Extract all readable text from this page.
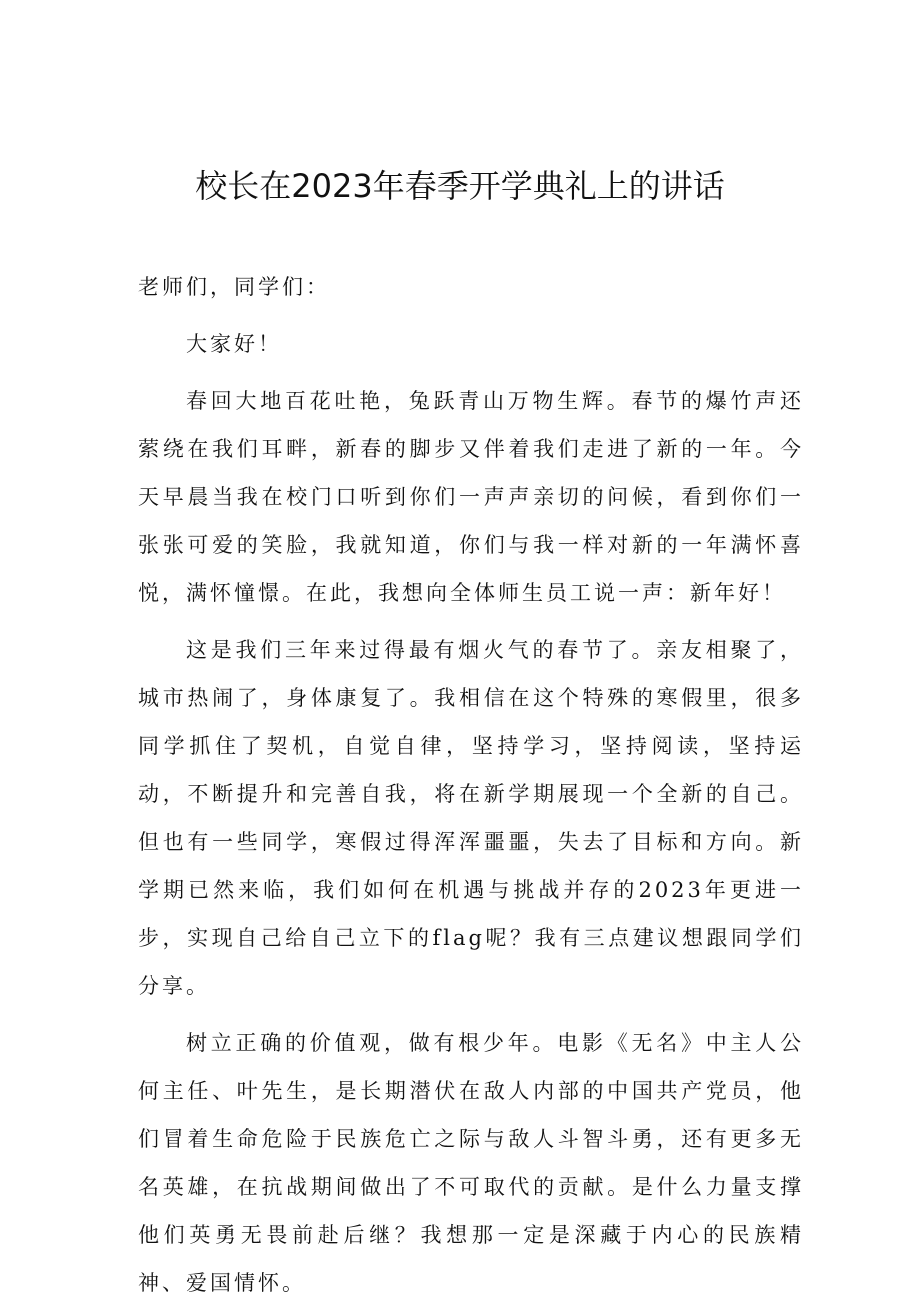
校长在2023年春季开学典礼上的讲话

老师们，同学们：

大家好！

春回大地百花吐艳，兔跃青山万物生辉。春节的爆竹声还萦绕在我们耳畔，新春的脚步又伴着我们走进了新的一年。今天早晨当我在校门口听到你们一声声亲切的问候，看到你们一张张可爱的笑脸，我就知道，你们与我一样对新的一年满怀喜悦，满怀憧憬。在此，我想向全体师生员工说一声：新年好！

这是我们三年来过得最有烟火气的春节了。亲友相聚了，城市热闹了，身体康复了。我相信在这个特殊的寒假里，很多同学抓住了契机，自觉自律，坚持学习，坚持阅读，坚持运动，不断提升和完善自我，将在新学期展现一个全新的自己。但也有一些同学，寒假过得浑浑噩噩，失去了目标和方向。新学期已然来临，我们如何在机遇与挑战并存的2023年更进一步，实现自己给自己立下的flag呢？我有三点建议想跟同学们分享。

树立正确的价值观，做有根少年。电影《无名》中主人公何主任、叶先生，是长期潜伏在敌人内部的中国共产党员，他们冒着生命危险于民族危亡之际与敌人斗智斗勇，还有更多无名英雄，在抗战期间做出了不可取代的贡献。是什么力量支撑他们英勇无畏前赴后继？我想那一定是深藏于内心的民族精神、爱国情怀。
